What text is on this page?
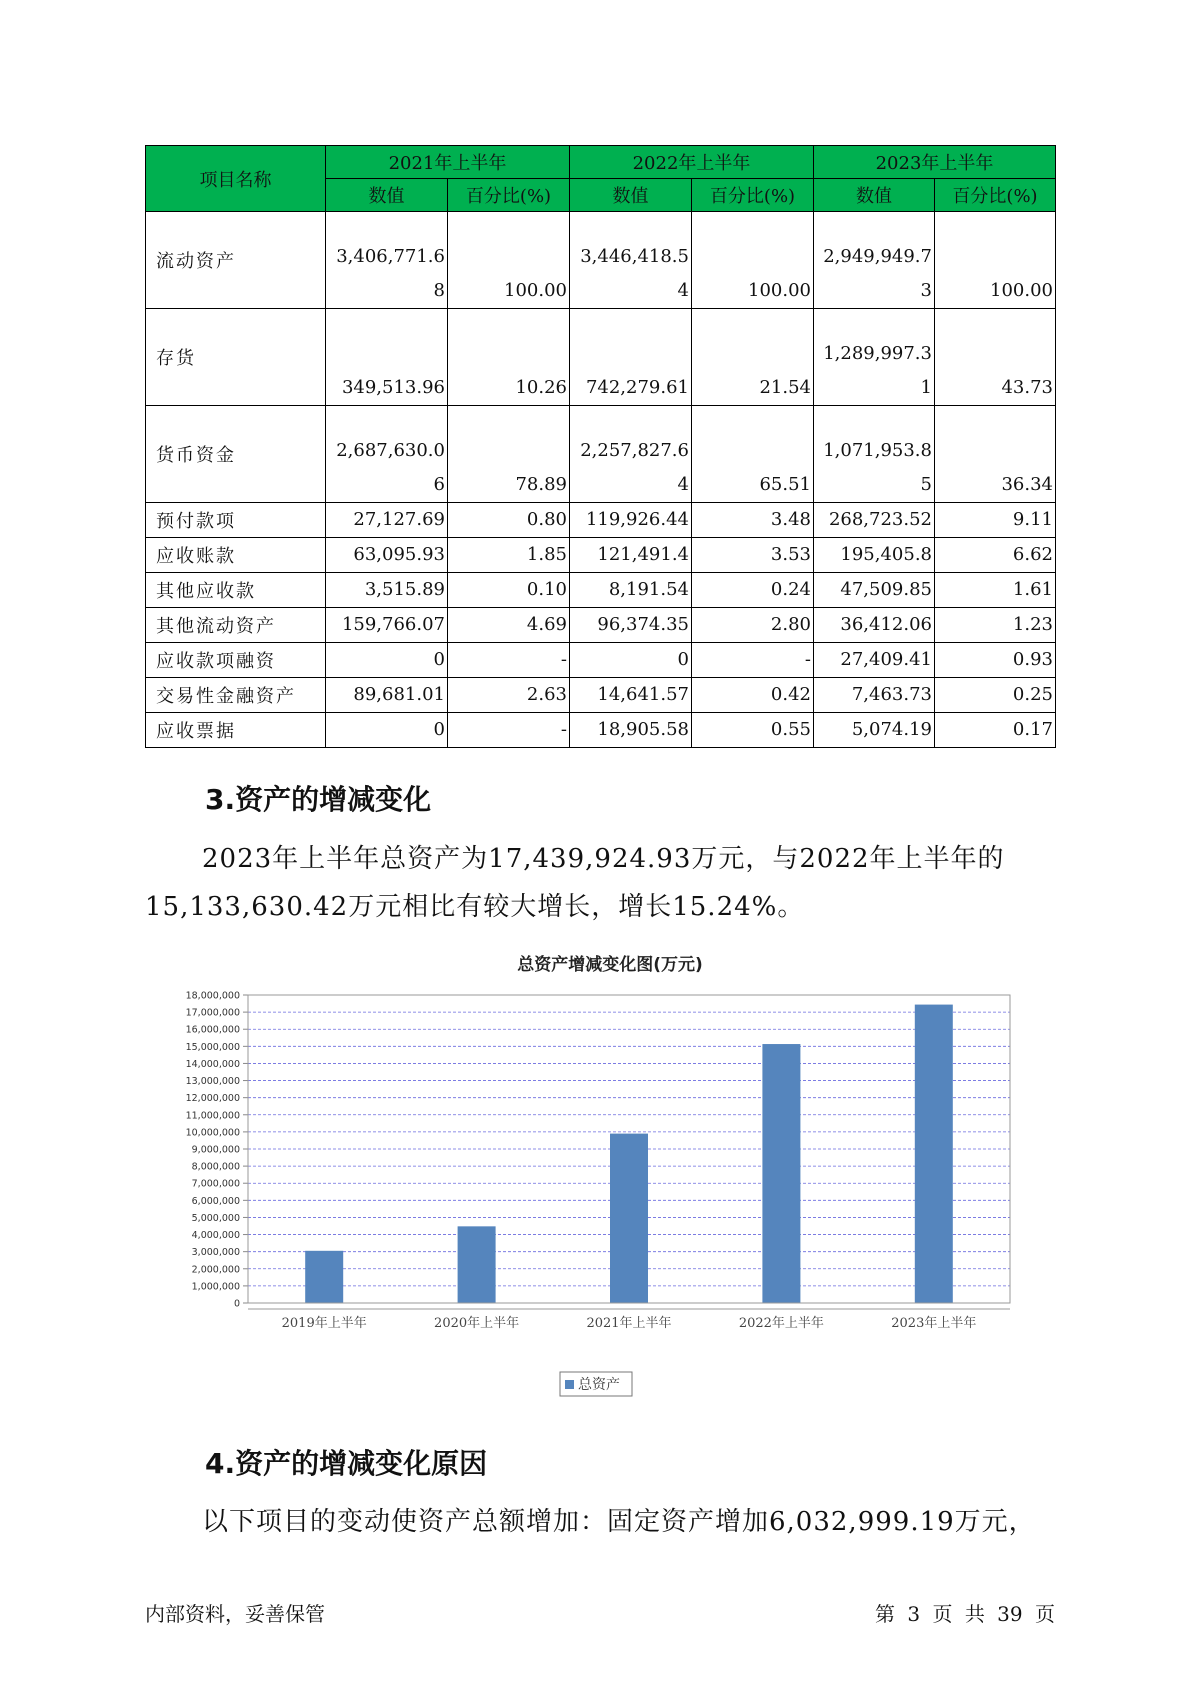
项目名称	2021年上半年		2022年上半年		2023年上半年	
	数值	百分比(%)	数值	百分比(%)	数值	百分比(%)
流动资产	3,406,771.68	100.00	3,446,418.54	100.00	2,949,949.73	100.00
存货	349,513.96	10.26	742,279.61	21.54	1,289,997.31	43.73
货币资金	2,687,630.06	78.89	2,257,827.64	65.51	1,071,953.85	36.34
预付款项	27,127.69	0.80	119,926.44	3.48	268,723.52	9.11
应收账款	63,095.93	1.85	121,491.4	3.53	195,405.8	6.62
其他应收款	3,515.89	0.10	8,191.54	0.24	47,509.85	1.61
其他流动资产	159,766.07	4.69	96,374.35	2.80	36,412.06	1.23
应收款项融资	0	-	0	-	27,409.41	0.93
交易性金融资产	89,681.01	2.63	14,641.57	0.42	7,463.73	0.25
应收票据	0	-	18,905.58	0.55	5,074.19	0.17
3.资产的增减变化

2023年上半年总资产为17,439,924.93万元，与2022年上半年的15,133,630.42万元相比有较大增长，增长15.24%。

总资产增减变化图(万元)
0
1,000,000
2,000,000
3,000,000
4,000,000
5,000,000
6,000,000
7,000,000
8,000,000
9,000,000
10,000,000
11,000,000
12,000,000
13,000,000
14,000,000
15,000,000
16,000,000
17,000,000
18,000,000
2019年上半年	2020年上半年	2021年上半年	2022年上半年	2023年上半年
总资产
4.资产的增减变化原因

以下项目的变动使资产总额增加：固定资产增加6,032,999.19万元，

内部资料，妥善保管	第 3 页 共 39 页
